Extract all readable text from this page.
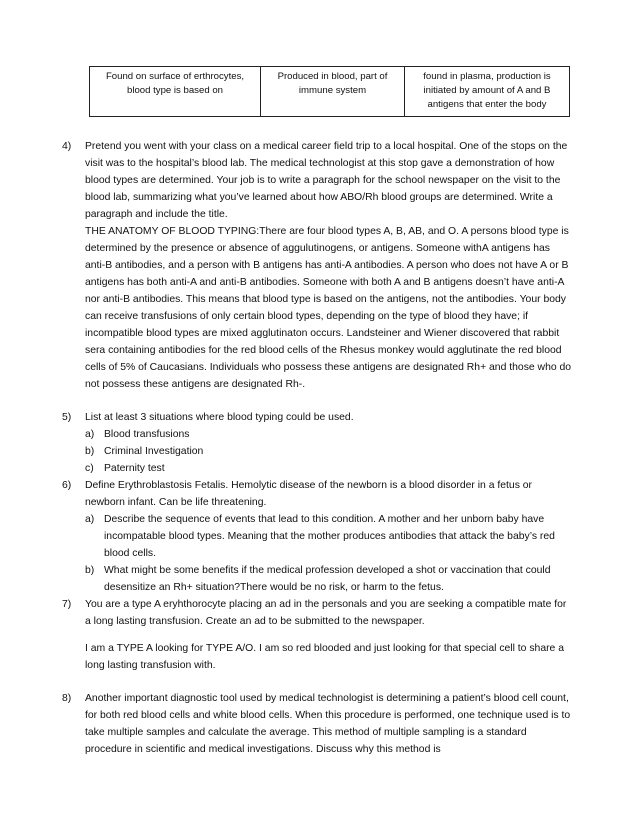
Found on surface of erthrocytes, blood type is based on	Produced in blood, part of immune system	found in plasma, production is initiated by amount of A and B antigens that enter the body
4) Pretend you went with your class on a medical career field trip to a local hospital. One of the stops on the visit was to the hospital’s blood lab. The medical technologist at this stop gave a demonstration of how blood types are determined. Your job is to write a paragraph for the school newspaper on the visit to the blood lab, summarizing what you’ve learned about how ABO/Rh blood groups are determined. Write a paragraph and include the title.

THE ANATOMY OF BLOOD TYPING:There are four blood types A, B, AB, and O. A persons blood type is determined by the presence or absence of aggulutinogens, or antigens. Someone withA antigens has anti-B antibodies, and a person with B antigens has anti-A antibodies. A person who does not have A or B antigens has both anti-A and anti-B antibodies. Someone with both A and B antigens doesn’t have anti-A nor anti-B antibodies. This means that blood type is based on the antigens, not the antibodies. Your body can receive transfusions of only certain blood types, depending on the type of blood they have; if incompatible blood types are mixed agglutinaton occurs. Landsteiner and Wiener discovered that rabbit sera containing antibodies for the red blood cells of the Rhesus monkey would agglutinate the red blood cells of 5% of Caucasians. Individuals who possess these antigens are designated Rh+ and those who do not possess these antigens are designated Rh-.

5) List at least 3 situations where blood typing could be used.

a) Blood transfusions
b) Criminal Investigation
c) Paternity test
6) Define Erythroblastosis Fetalis. Hemolytic disease of the newborn is a blood disorder in a fetus or newborn infant. Can be life threatening.

a) Describe the sequence of events that lead to this condition. A mother and her unborn baby have incompatable blood types. Meaning that the mother produces antibodies that attack the baby’s red blood cells.
b) What might be some benefits if the medical profession developed a shot or vaccination that could desensitize an Rh+ situation?There would be no risk, or harm to the fetus.
7) You are a type A eryhthorocyte placing an ad in the personals and you are seeking a compatible mate for a long lasting transfusion. Create an ad to be submitted to the newspaper.

I am a TYPE A looking for TYPE A/O. I am so red blooded and just looking for that special cell to share a long lasting transfusion with.

8) Another important diagnostic tool used by medical technologist is determining a patient’s blood cell count, for both red blood cells and white blood cells. When this procedure is performed, one technique used is to take multiple samples and calculate the average. This method of multiple sampling is a standard procedure in scientific and medical investigations. Discuss why this method is
